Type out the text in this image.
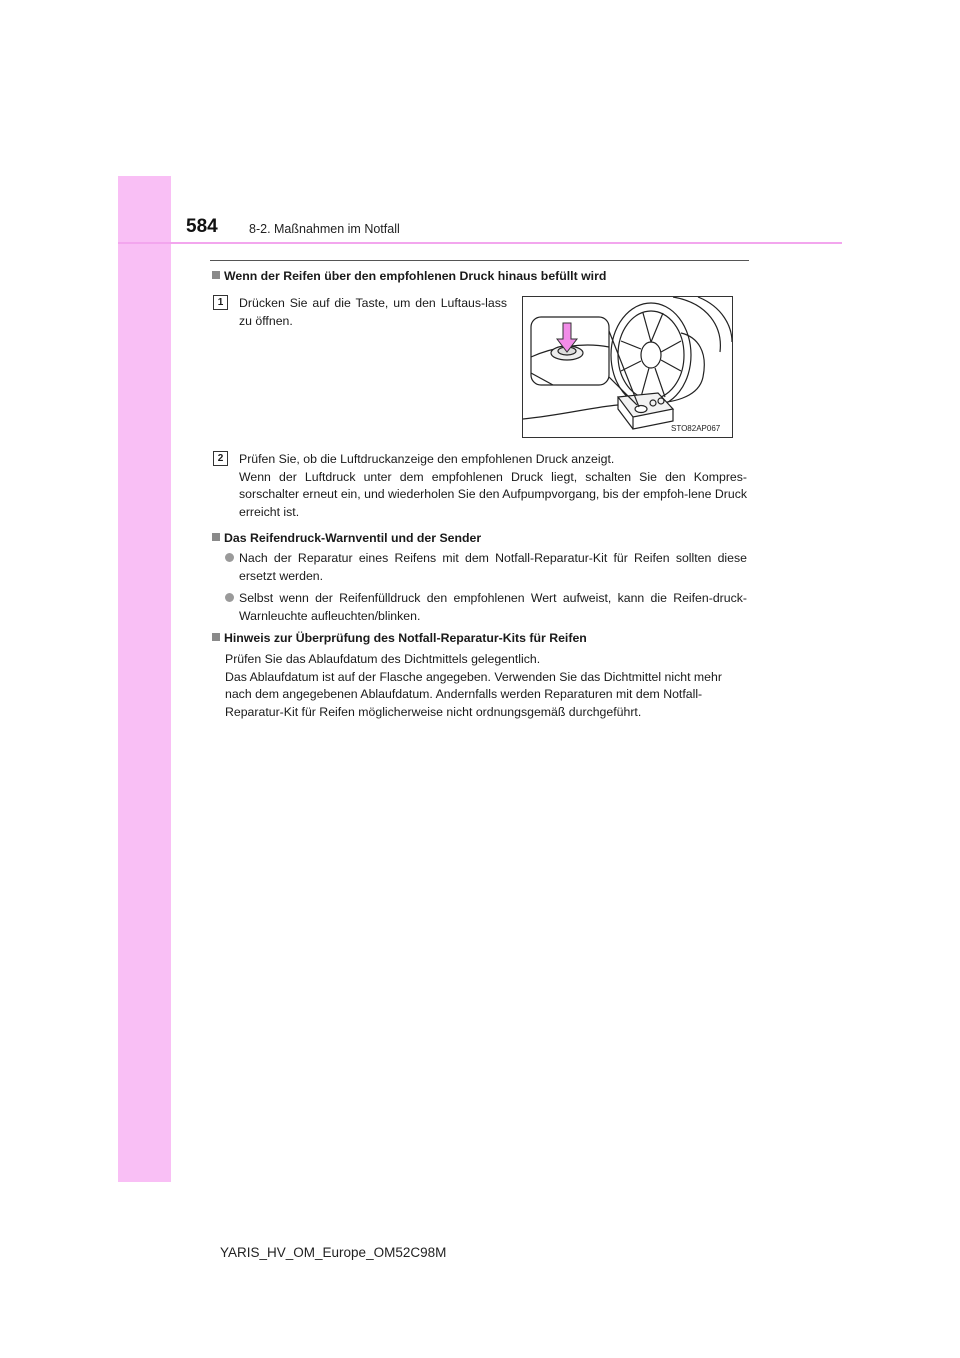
584	8-2. Maßnahmen im Notfall
Wenn der Reifen über den empfohlenen Druck hinaus befüllt wird
1	Drücken Sie auf die Taste, um den Luftaus-lass zu öffnen.
STO82AP067
2	Prüfen Sie, ob die Luftdruckanzeige den empfohlenen Druck anzeigt.
Wenn der Luftdruck unter dem empfohlenen Druck liegt, schalten Sie den Kompres-sorschalter erneut ein, und wiederholen Sie den Aufpumpvorgang, bis der empfoh-lene Druck erreicht ist.
Das Reifendruck-Warnventil und der Sender
Nach der Reparatur eines Reifens mit dem Notfall-Reparatur-Kit für Reifen sollten diese ersetzt werden.
Selbst wenn der Reifenfülldruck den empfohlenen Wert aufweist, kann die Reifen-druck-Warnleuchte aufleuchten/blinken.
Hinweis zur Überprüfung des Notfall-Reparatur-Kits für Reifen
Prüfen Sie das Ablaufdatum des Dichtmittels gelegentlich.
Das Ablaufdatum ist auf der Flasche angegeben. Verwenden Sie das Dichtmittel nicht mehr nach dem angegebenen Ablaufdatum. Andernfalls werden Reparaturen mit dem Notfall-Reparatur-Kit für Reifen möglicherweise nicht ordnungsgemäß durchgeführt.
YARIS_HV_OM_Europe_OM52C98M
